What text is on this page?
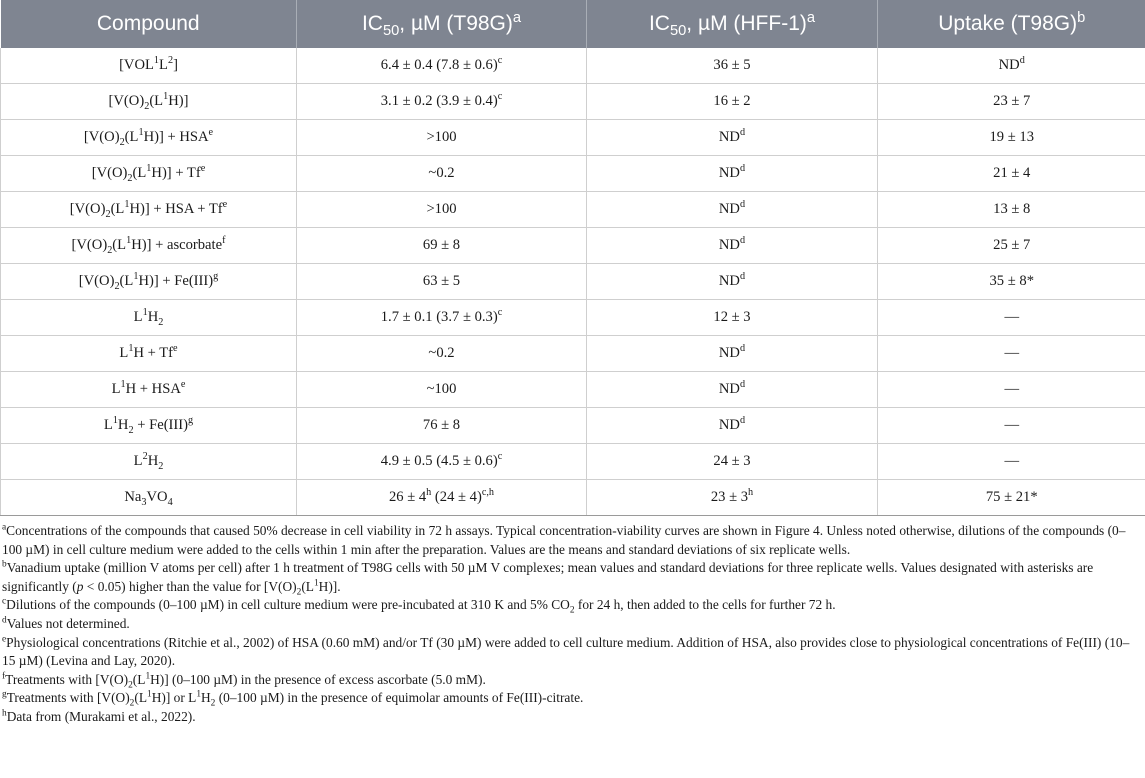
Compound	$IC_{50}$, µM $(T98G)^a$	$IC_{50}$, µM $(HFF-1)^a$	Uptake $(T98G)^b$
$[VOL^1L^2]$	6.4 ± 0.4 $(7.8 \pm 0.6)^c$	36 ± 5	$ND^d$
$[V(O)_2(L^1H)]$	3.1 ± 0.2 $(3.9 \pm 0.4)^c$	16 ± 2	23 ± 7
$[V(O)_2(L^1H)] + HSA^e$	>100	$ND^d$	19 ± 13
$[V(O)_2(L^1H)] + Tf^e$	~0.2	$ND^d$	21 ± 4
$[V(O)_2(L^1H)]$ + HSA + $Tf^e$	>100	$ND^d$	13 ± 8
$[V(O)_2(L^1H)]$ + ascorbate$^f$	69 ± 8	$ND^d$	25 ± 7
$[V(O)_2(L^1H)] + Fe(III)^g$	63 ± 5	$ND^d$	35 ± 8*
$L^1H_2$	1.7 ± 0.1 $(3.7 \pm 0.3)^c$	12 ± 3	—
$L^1H + Tf^e$	~0.2	$ND^d$	—
$L^1H + HSA^e$	~100	$ND^d$	—
$L^1H_2 + Fe(III)^g$	76 ± 8	$ND^d$	—
$L^2H_2$	4.9 ± 0.5 $(4.5 \pm 0.6)^c$	24 ± 3	—
$Na_3VO_4$	$26 \pm 4^h$ $(24 \pm 4)^{c,h}$	$23 \pm 3^h$	75 ± 21*

$^a$Concentrations of the compounds that caused 50% decrease in cell viability in 72 h assays. Typical concentration-viability curves are shown in Figure 4. Unless noted otherwise, dilutions of the compounds (0–100 µM) in cell culture medium were added to the cells within 1 min after the preparation. Values are the means and standard deviations of six replicate wells.

$^b$Vanadium uptake (million V atoms per cell) after 1 h treatment of T98G cells with 50 µM V complexes; mean values and standard deviations for three replicate wells. Values designated with asterisks are significantly (p < 0.05) higher than the value for $[V(O)_2(L^1H)]$.

$^c$Dilutions of the compounds (0–100 µM) in cell culture medium were pre-incubated at 310 K and 5% $CO_2$ for 24 h, then added to the cells for further 72 h.

$^d$Values not determined.

$^e$Physiological concentrations (Ritchie et al., 2002) of HSA (0.60 mM) and/or Tf (30 µM) were added to cell culture medium. Addition of HSA, also provides close to physiological concentrations of Fe(III) (10–15 µM) (Levina and Lay, 2020).

$^f$Treatments with $[V(O)_2(L^1H)]$ (0–100 µM) in the presence of excess ascorbate (5.0 mM).

$^g$Treatments with $[V(O)_2(L^1H)]$ or $L^1H_2$ (0–100 µM) in the presence of equimolar amounts of Fe(III)-citrate.

$^h$Data from (Murakami et al., 2022).
